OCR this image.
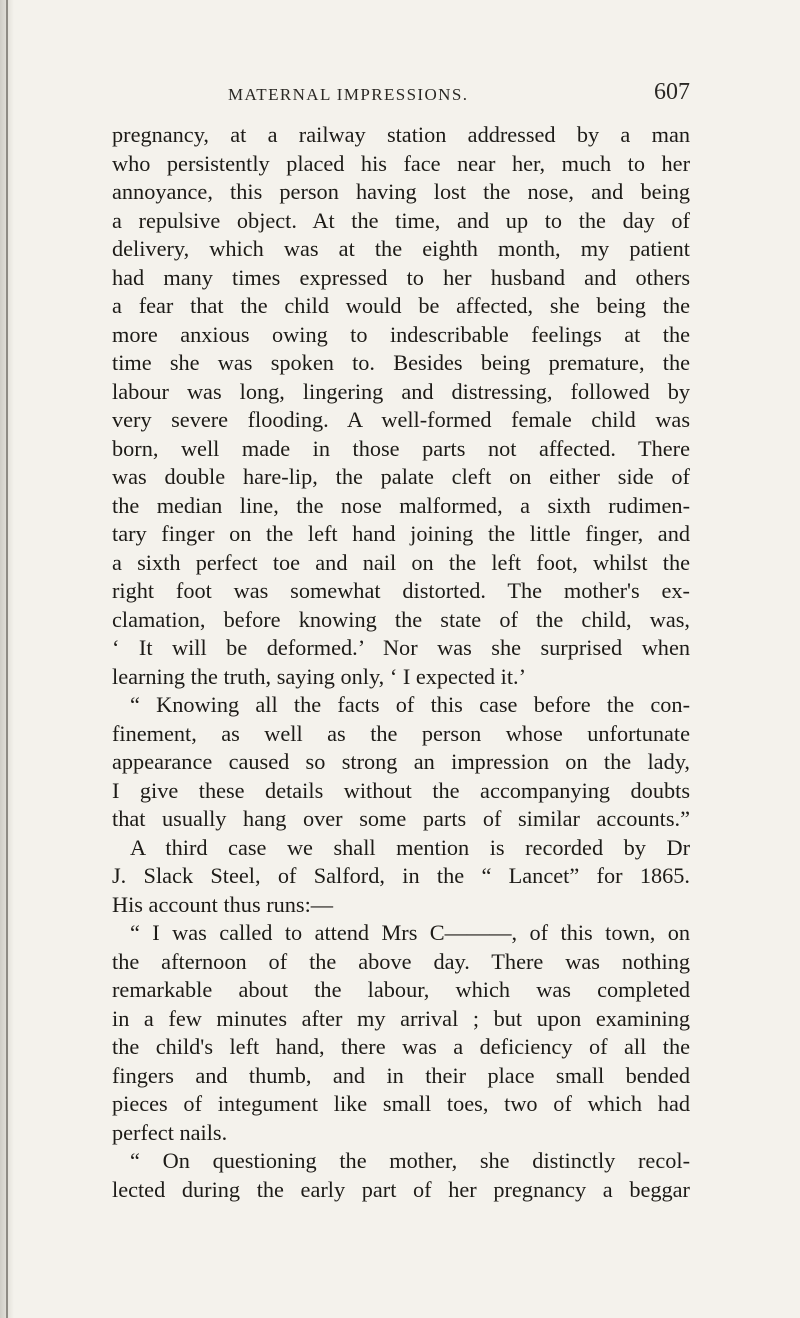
MATERNAL IMPRESSIONS.	607
pregnancy, at a railway station addressed by a man
who persistently placed his face near her, much to her
annoyance, this person having lost the nose, and being
a repulsive object. At the time, and up to the day of
delivery, which was at the eighth month, my patient
had many times expressed to her husband and others
a fear that the child would be affected, she being the
more anxious owing to indescribable feelings at the
time she was spoken to. Besides being premature, the
labour was long, lingering and distressing, followed by
very severe flooding. A well-formed female child was
born, well made in those parts not affected. There
was double hare-lip, the palate cleft on either side of
the median line, the nose malformed, a sixth rudimen-
tary finger on the left hand joining the little finger, and
a sixth perfect toe and nail on the left foot, whilst the
right foot was somewhat distorted. The mother's ex-
clamation, before knowing the state of the child, was,
‘ It will be deformed.’ Nor was she surprised when
learning the truth, saying only, ‘ I expected it.’
“ Knowing all the facts of this case before the con-
finement, as well as the person whose unfortunate
appearance caused so strong an impression on the lady,
I give these details without the accompanying doubts
that usually hang over some parts of similar accounts.”
A third case we shall mention is recorded by Dr
J. Slack Steel, of Salford, in the “ Lancet” for 1865.
His account thus runs:—
“ I was called to attend Mrs C———, of this town, on
the afternoon of the above day. There was nothing
remarkable about the labour, which was completed
in a few minutes after my arrival ; but upon examining
the child's left hand, there was a deficiency of all the
fingers and thumb, and in their place small bended
pieces of integument like small toes, two of which had
perfect nails.
“ On questioning the mother, she distinctly recol-
lected during the early part of her pregnancy a beggar
